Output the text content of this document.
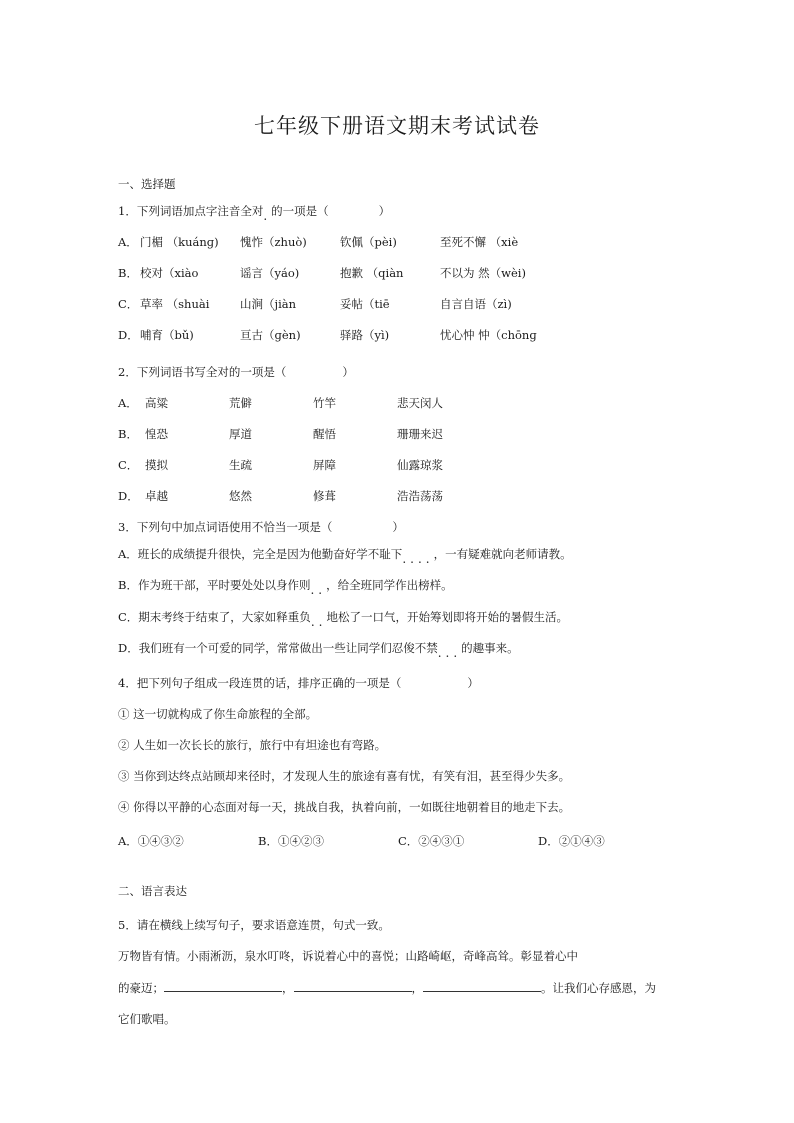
七年级下册语文期末考试试卷
一、选择题
1．下列词语加点字注音全对.的一项是（	）
A． 门楣 （kuánɡ) 愧怍（zhuò)	钦佩（pèi)	至死不懈 （xiè
B． 校对（xiào	谣言（yáo)	抱歉 （qiàn	不以为 然（wèi)
C． 草率 （shuài	山涧（jiàn	妥帖（tiē	自言自语（zì)
D．哺育（bǔ)	亘古（ɡèn)	驿路（yì)	忧心忡 忡（chōnɡ
2．下列词语书写全对的一项是（	）
A． 高粱	荒僻	竹竿	悲天闵人
B． 惶恐	厚道	醒悟	珊珊来迟
C． 摸拟	生疏	屏障	仙露琼浆
D． 卓越	悠然	修葺	浩浩荡荡
3．下列句中加点词语使用不恰当一项是（	）
A．班长的成绩提升很快，完全是因为他勤奋好学不耻下....，一有疑难就向老师请教。
B．作为班干部，平时要处处以身作则..，给全班同学作出榜样。
C．期末考终于结束了，大家如释重负..地松了一口气，开始筹划即将开始的暑假生活。
D．我们班有一个可爱的同学，常常做出一些让同学们忍俊不禁...的趣事来。
4．把下列句子组成一段连贯的话，排序正确的一项是（	）
① 这一切就构成了你生命旅程的全部。
② 人生如一次长长的旅行，旅行中有坦途也有弯路。
③ 当你到达终点站顾却来径时，才发现人生的旅途有喜有忧，有笑有泪，甚至得少失多。
④ 你得以平静的心态面对每一天，挑战自我，执着向前，一如既往地朝着目的地走下去。
A．①④③②	B．①④②③	C．②④③①	D．②①④③
二、语言表达
5．请在横线上续写句子，要求语意连贯，句式一致。
万物皆有情。小雨淅沥，泉水叮咚，诉说着心中的喜悦；山路崎岖，奇峰高耸。彰显着心中
的豪迈；	，	，	。让我们心存感恩，为
它们歌唱。
